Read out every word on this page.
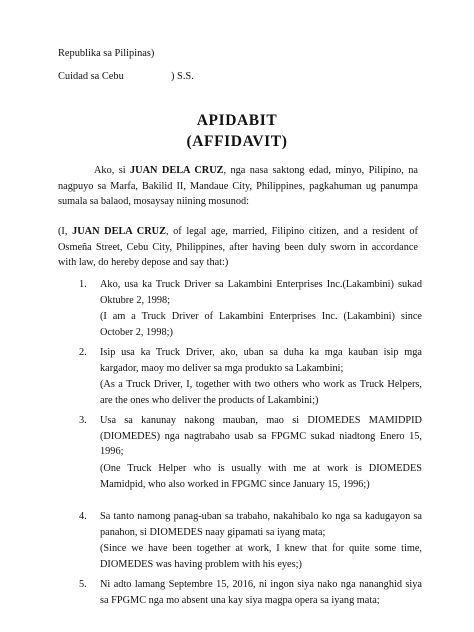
Republika sa Pilipinas)
Cuidad sa Cebu	) S.S.
APIDABIT
(AFFIDAVIT)
Ako, si JUAN DELA CRUZ, nga nasa saktong edad, minyo, Pilipino, na nagpuyo sa Marfa, Bakilid II, Mandaue City, Philippines, pagkahuman ug panumpa sumala sa balaod, mosaysay niining mosunod:
(I, JUAN DELA CRUZ, of legal age, married, Filipino citizen, and a resident of Osmeña Street, Cebu City, Philippines, after having been duly sworn in accordance with law, do hereby depose and say that:)
1. Ako, usa ka Truck Driver sa Lakambini Enterprises Inc.(Lakambini) sukad Oktubre 2, 1998;
(I am a Truck Driver of Lakambini Enterprises Inc. (Lakambini) since October 2, 1998;)
2. Isip usa ka Truck Driver, ako, uban sa duha ka mga kauban isip mga kargador, maoy mo deliver sa mga produkto sa Lakambini;
(As a Truck Driver, I, together with two others who work as Truck Helpers, are the ones who deliver the products of Lakambini;)
3. Usa sa kanunay nakong mauban, mao si DIOMEDES MAMIDPID (DIOMEDES) nga nagtrabaho usab sa FPGMC sukad niadtong Enero 15, 1996;
(One Truck Helper who is usually with me at work is DIOMEDES Mamidpid, who also worked in FPGMC since January 15, 1996;)
4. Sa tanto namong panag-uban sa trabaho, nakahibalo ko nga sa kadugayon sa panahon, si DIOMEDES naay gipamati sa iyang mata;
(Since we have been together at work, I knew that for quite some time, DIOMEDES was having problem with his eyes;)
5. Ni adto lamang Septembre 15, 2016, ni ingon siya nako nga nananghid siya sa FPGMC nga mo absent una kay siya magpa opera sa iyang mata;
